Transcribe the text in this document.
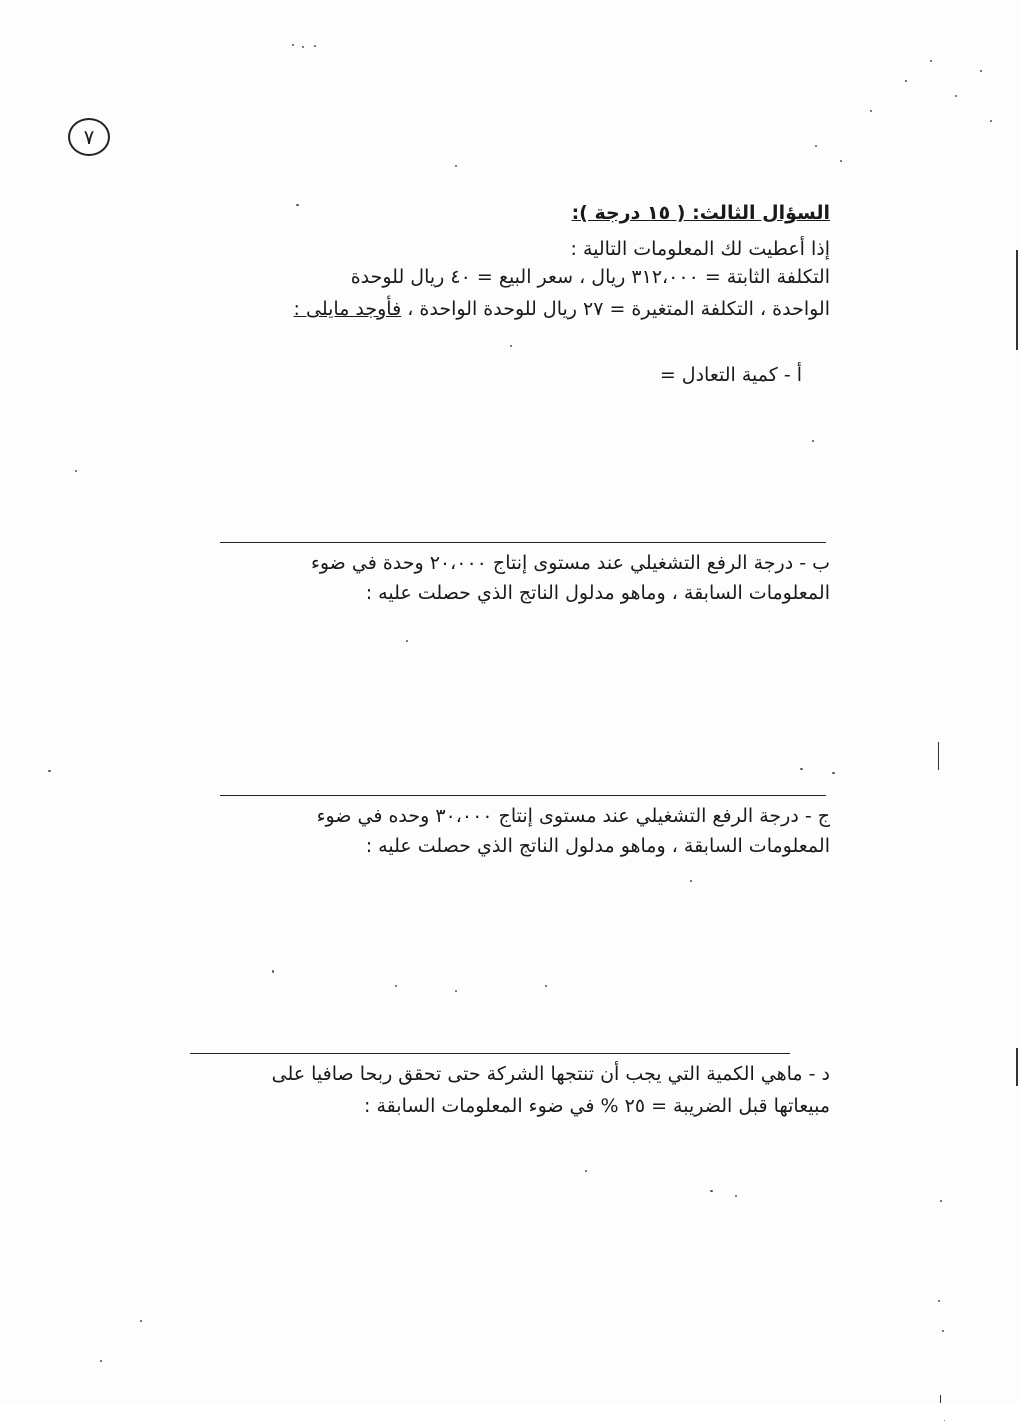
٧
السؤال الثالث: ( ١٥ درجة ):
إذا أعطيت لك المعلومات التالية :
التكلفة الثابتة = ٣١٢،٠٠٠ ريال ، سعر البيع = ٤٠ ريال للوحدة
الواحدة ، التكلفة المتغيرة = ٢٧ ريال للوحدة الواحدة ، فأوجد مايلى :
أ - كمية التعادل =
ب - درجة الرفع التشغيلي عند مستوى إنتاج ٢٠،٠٠٠ وحدة في ضوء
المعلومات السابقة ، وماهو مدلول الناتج الذي حصلت عليه :
ج - درجة الرفع التشغيلي عند مستوى إنتاج ٣٠،٠٠٠ وحده في ضوء
المعلومات السابقة ، وماهو مدلول الناتج الذي حصلت عليه :
د - ماهي الكمية التي يجب أن تنتجها الشركة حتى تحقق ربحا صافيا على
مبيعاتها قبل الضريبة = ٢٥ % في ضوء المعلومات السابقة :
